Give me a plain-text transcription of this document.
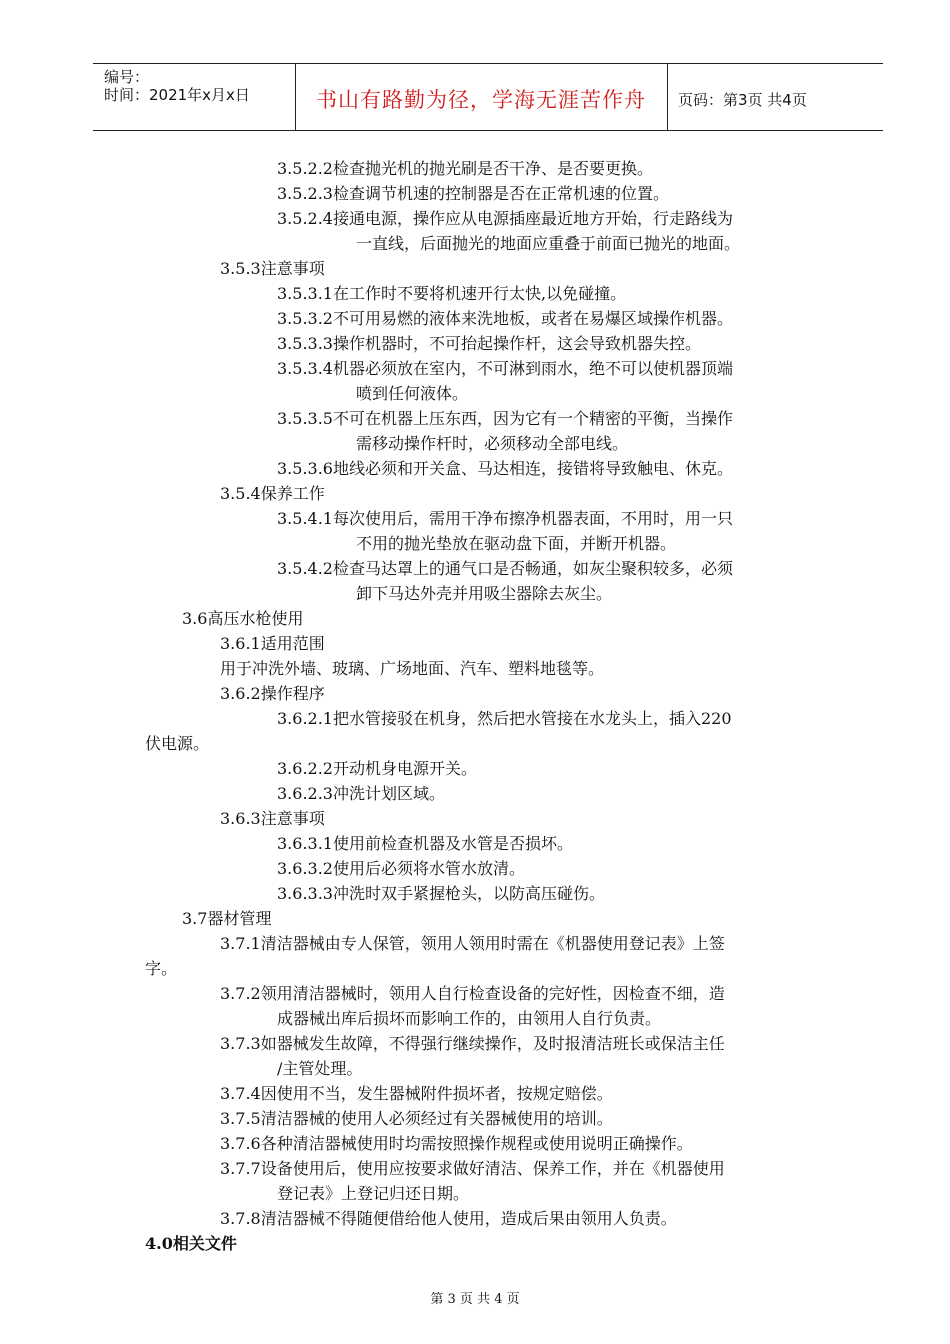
编号：
时间：2021年x月x日	书山有路勤为径，学海无涯苦作舟	页码：第3页 共4页
3.5.2.2检查抛光机的抛光刷是否干净、是否要更换。
3.5.2.3检查调节机速的控制器是否在正常机速的位置。
3.5.2.4接通电源，操作应从电源插座最近地方开始，行走路线为
一直线，后面抛光的地面应重叠于前面已抛光的地面。
3.5.3注意事项
3.5.3.1在工作时不要将机速开行太快,以免碰撞。
3.5.3.2不可用易燃的液体来洗地板，或者在易爆区域操作机器。
3.5.3.3操作机器时，不可抬起操作杆，这会导致机器失控。
3.5.3.4机器必须放在室内，不可淋到雨水，绝不可以使机器顶端
喷到任何液体。
3.5.3.5不可在机器上压东西，因为它有一个精密的平衡，当操作
需移动操作杆时，必须移动全部电线。
3.5.3.6地线必须和开关盒、马达相连，接错将导致触电、休克。
3.5.4保养工作
3.5.4.1每次使用后，需用干净布擦净机器表面，不用时，用一只
不用的抛光垫放在驱动盘下面，并断开机器。
3.5.4.2检查马达罩上的通气口是否畅通，如灰尘聚积较多，必须
卸下马达外壳并用吸尘器除去灰尘。
3.6高压水枪使用
3.6.1适用范围
用于冲洗外墙、玻璃、广场地面、汽车、塑料地毯等。
3.6.2操作程序
3.6.2.1把水管接驳在机身，然后把水管接在水龙头上，插入220
伏电源。
3.6.2.2开动机身电源开关。
3.6.2.3冲洗计划区域。
3.6.3注意事项
3.6.3.1使用前检查机器及水管是否损坏。
3.6.3.2使用后必须将水管水放清。
3.6.3.3冲洗时双手紧握枪头，以防高压碰伤。
3.7器材管理
3.7.1清洁器械由专人保管，领用人领用时需在《机器使用登记表》上签
字。
3.7.2领用清洁器械时，领用人自行检查设备的完好性，因检查不细，造
成器械出库后损坏而影响工作的，由领用人自行负责。
3.7.3如器械发生故障，不得强行继续操作，及时报清洁班长或保洁主任
/主管处理。
3.7.4因使用不当，发生器械附件损坏者，按规定赔偿。
3.7.5清洁器械的使用人必须经过有关器械使用的培训。
3.7.6各种清洁器械使用时均需按照操作规程或使用说明正确操作。
3.7.7设备使用后，使用应按要求做好清洁、保养工作，并在《机器使用
登记表》上登记归还日期。
3.7.8清洁器械不得随便借给他人使用，造成后果由领用人负责。
4.0相关文件
第 3 页 共 4 页
